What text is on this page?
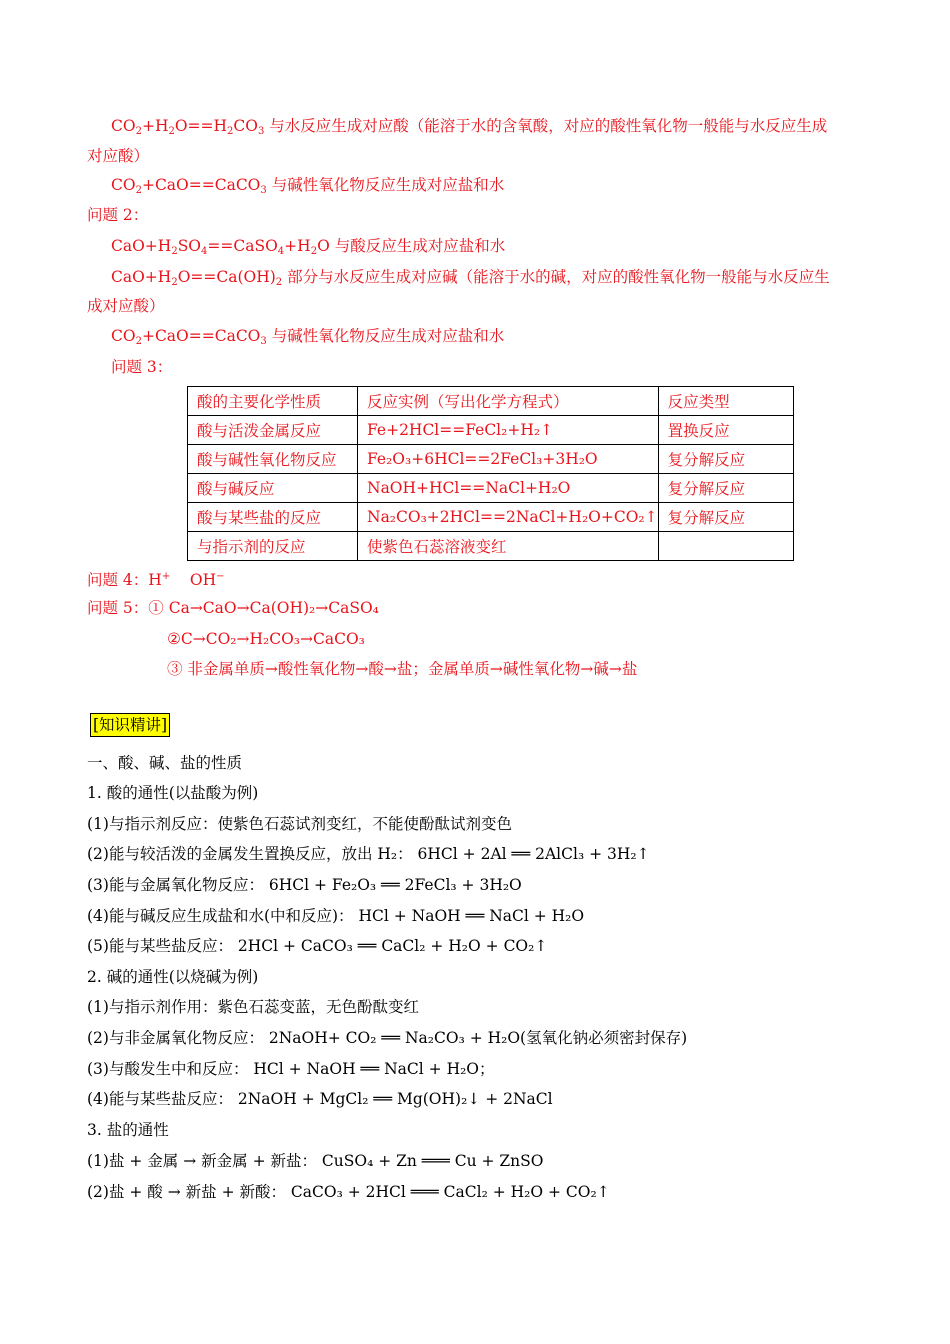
$CO_2+H_2O==H_2CO_3$ 与水反应生成对应酸（能溶于水的含氧酸，对应的酸性氧化物一般能与水反应生成
对应酸）
$CO_2+CaO==CaCO_3$ 与碱性氧化物反应生成对应盐和水
问题 2：
$CaO+H_2SO_4==CaSO_4+H_2O$ 与酸反应生成对应盐和水
$CaO+H_2O==Ca(OH)_2$ 部分与水反应生成对应碱（能溶于水的碱，对应的酸性氧化物一般能与水反应生
成对应酸）
$CO_2+CaO==CaCO_3$ 与碱性氧化物反应生成对应盐和水
问题 3：
酸的主要化学性质	反应实例（写出化学方程式）	反应类型
酸与活泼金属反应	Fe+2HCl==FeCl₂+H₂↑	置换反应
酸与碱性氧化物反应	Fe₂O₃+6HCl==2FeCl₃+3H₂O	复分解反应
酸与碱反应	NaOH+HCl==NaCl+H₂O	复分解反应
酸与某些盐的反应	Na₂CO₃+2HCl==2NaCl+H₂O+CO₂↑	复分解反应
与指示剂的反应	使紫色石蕊溶液变红	
问题 4：H+    OH−
问题 5：① Ca→CaO→Ca(OH)₂→CaSO₄
②C→CO₂→H₂CO₃→CaCO₃
③ 非金属单质→酸性氧化物→酸→盐；金属单质→碱性氧化物→碱→盐
[知识精讲]
一、酸、碱、盐的性质
1. 酸的通性(以盐酸为例)
(1)与指示剂反应：使紫色石蕊试剂变红，不能使酚酞试剂变色
(2)能与较活泼的金属发生置换反应，放出 H₂： 6HCl + 2Al ══ 2AlCl₃ + 3H₂↑
(3)能与金属氧化物反应： 6HCl + Fe₂O₃ ══ 2FeCl₃ + 3H₂O
(4)能与碱反应生成盐和水(中和反应)： HCl + NaOH ══ NaCl + H₂O
(5)能与某些盐反应： 2HCl + CaCO₃ ══ CaCl₂ + H₂O + CO₂↑
2. 碱的通性(以烧碱为例)
(1)与指示剂作用：紫色石蕊变蓝，无色酚酞变红
(2)与非金属氧化物反应： 2NaOH+ CO₂ ══ Na₂CO₃ + H₂O(氢氧化钠必须密封保存)
(3)与酸发生中和反应： HCl + NaOH ══ NaCl + H₂O；
(4)能与某些盐反应： 2NaOH + MgCl₂ ══ Mg(OH)₂↓ + 2NaCl
3. 盐的通性
(1)盐 + 金属 → 新金属 + 新盐： CuSO₄ + Zn ═══ Cu + ZnSO
(2)盐 + 酸 → 新盐 + 新酸： CaCO₃ + 2HCl ═══ CaCl₂ + H₂O + CO₂↑
